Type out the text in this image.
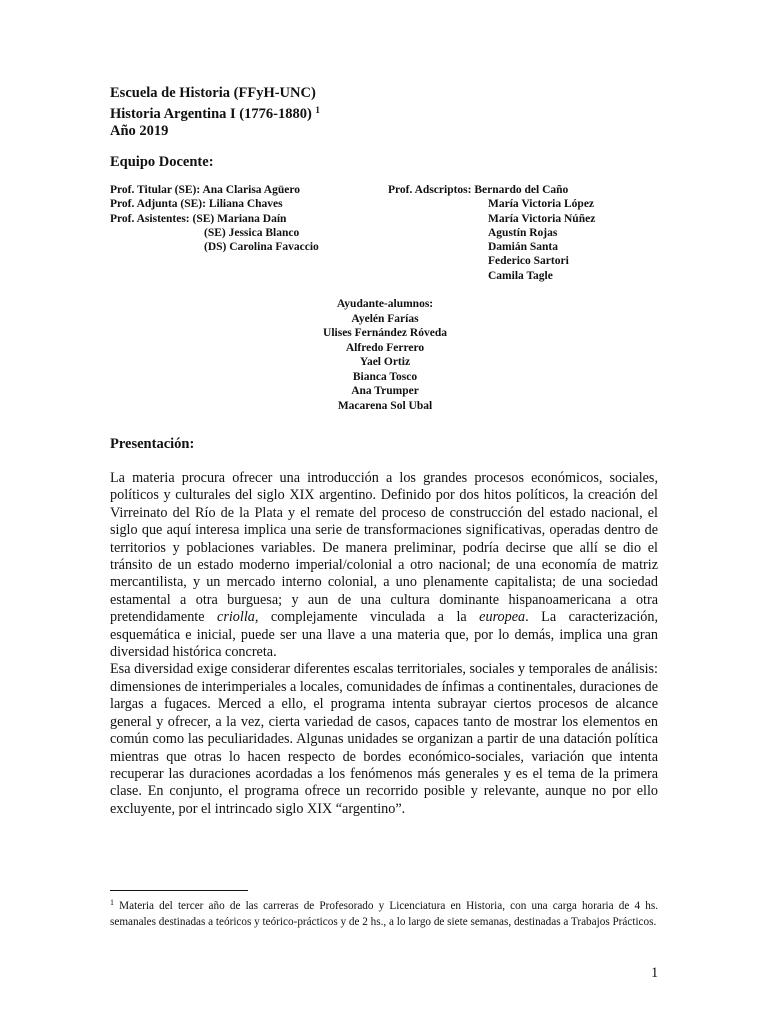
Escuela de Historia (FFyH-UNC)
Historia Argentina I (1776-1880) $^1$
Año 2019
Equipo Docente:
Prof. Titular (SE): Ana Clarisa Agüero
Prof. Adjunta (SE): Liliana Chaves
Prof. Asistentes: (SE) Mariana Daín
(SE) Jessica Blanco
(DS) Carolina Favaccio
Prof. Adscriptos: Bernardo del Caño
María Victoria López
María Victoria Núñez
Agustín Rojas
Damián Santa
Federico Sartori
Camila Tagle
Ayudante-alumnos:
Ayelén Farías
Ulises Fernández Róveda
Alfredo Ferrero
Yael Ortiz
Bianca Tosco
Ana Trumper
Macarena Sol Ubal
Presentación:

La materia procura ofrecer una introducción a los grandes procesos económicos, sociales, políticos y culturales del siglo XIX argentino. Definido por dos hitos políticos, la creación del Virreinato del Río de la Plata y el remate del proceso de construcción del estado nacional, el siglo que aquí interesa implica una serie de transformaciones significativas, operadas dentro de territorios y poblaciones variables. De manera preliminar, podría decirse que allí se dio el tránsito de un estado moderno imperial/colonial a otro nacional; de una economía de matriz mercantilista, y un mercado interno colonial, a uno plenamente capitalista; de una sociedad estamental a otra burguesa; y aun de una cultura dominante hispanoamericana a otra pretendidamente criolla, complejamente vinculada a la europea. La caracterización, esquemática e inicial, puede ser una llave a una materia que, por lo demás, implica una gran diversidad histórica concreta.

Esa diversidad exige considerar diferentes escalas territoriales, sociales y temporales de análisis: dimensiones de interimperiales a locales, comunidades de ínfimas a continentales, duraciones de largas a fugaces. Merced a ello, el programa intenta subrayar ciertos procesos de alcance general y ofrecer, a la vez, cierta variedad de casos, capaces tanto de mostrar los elementos en común como las peculiaridades. Algunas unidades se organizan a partir de una datación política mientras que otras lo hacen respecto de bordes económico-sociales, variación que intenta recuperar las duraciones acordadas a los fenómenos más generales y es el tema de la primera clase. En conjunto, el programa ofrece un recorrido posible y relevante, aunque no por ello excluyente, por el intrincado siglo XIX “argentino”.

$^1$ Materia del tercer año de las carreras de Profesorado y Licenciatura en Historia, con una carga horaria de 4 hs. semanales destinadas a teóricos y teórico-prácticos y de 2 hs., a lo largo de siete semanas, destinadas a Trabajos Prácticos.
1
